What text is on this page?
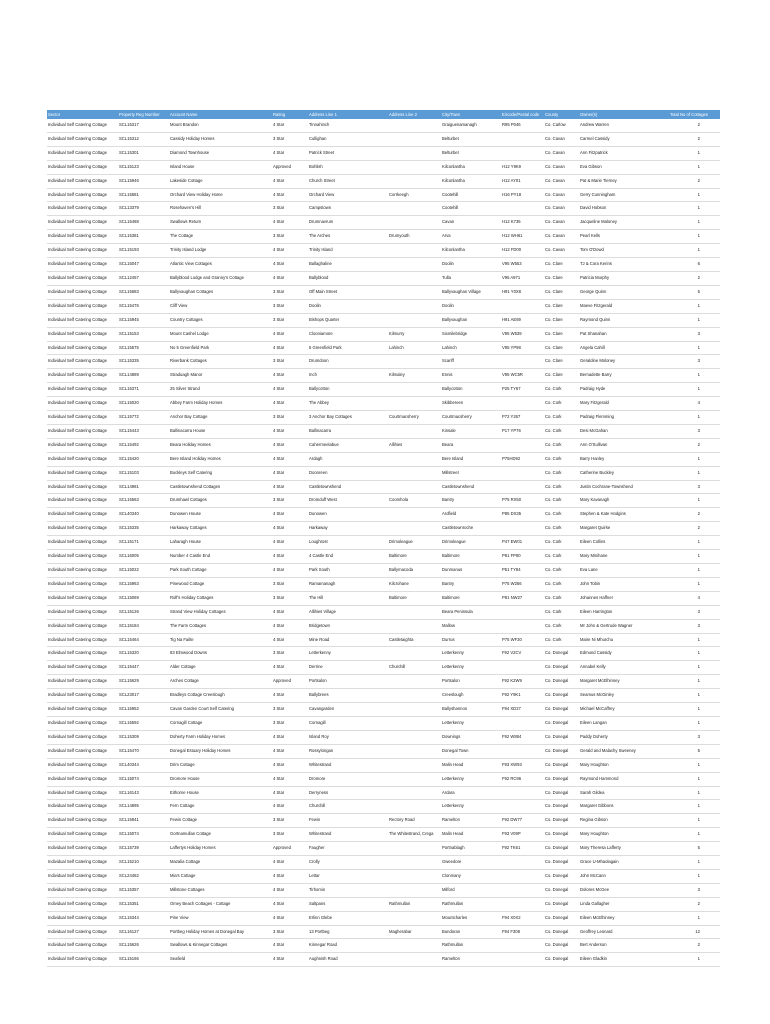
Sector	Property Reg Number	Account Name	Rating	Address Line 1	Address Line 2	City/Town	Eircode/Postal code	County	Owner(s)	Total No of Cottages
Individual Self Catering Cottage	SCL15317	Mount Brandon	4 Star	Tinnahinch		Graiguenamanagh	R95 P046	Co. Carlow	Andrew Warren	2
Individual Self Catering Cottage	SCL15312	Cassidy Holiday Homes	3 Star	Cullighan		Belturbet		Co. Cavan	Carmel Cassidy	2
Individual Self Catering Cottage	SCL15301	Diamond Townhouse	4 Star	Patrick Street		Belturbet		Co. Cavan	Ann Fitzpatrick	1
Individual Self Catering Cottage	SCL15123	Island House	Approved	Bohlish		Kilconlantha	H12 Y9K9	Co. Cavan	Eva Gibson	1
Individual Self Catering Cottage	SCL15946	Lakeside Cottage	4 Star	Church Street		Kilconlantha	H12 AY01	Co. Cavan	Pat & Marie Tierney	2
Individual Self Catering Cottage	SCL15681	Orchard View Holiday Home	4 Star	Orchard View	Corrkeegh	Cootehill	H16 PY18	Co. Cavan	Gerry Cunningham	1
Individual Self Catering Cottage	SCL13379	Rosehaven's Hill	3 Star	Campstown		Cootehill		Co. Cavan	David Hobson	1
Individual Self Catering Cottage	SCL15488	Swallows Return	4 Star	Drumnavrum		Cavan	H12 K735	Co. Cavan	Jacqueline Maloney	1
Individual Self Catering Cottage	SCL15381	The Cottage	3 Star	The Arches	Drumyouth	Arva	H12 WH61	Co. Cavan	Pearl Kells	1
Individual Self Catering Cottage	SCL15193	Trinity Island Lodge	4 Star	Trinity Island		Kilconlantha	H12 FD00	Co. Cavan	Tom O'Dowd	1
Individual Self Catering Cottage	SCL15047	Atlantic View Cottages	4 Star	Ballaghaline		Doolin	V95 W553	Co. Clare	TJ & Cora Kerins	6
Individual Self Catering Cottage	SCL12457	Ballyblood Lodge and Granny's Cottage	4 Star	Ballyblood		Tulla	V95 A971	Co. Clare	Patricia Murphy	2
Individual Self Catering Cottage	SCL15683	Ballyvaughan Cottages	3 Star	Off Main Street		Ballyvaughan Village	H91 Y0X8	Co. Clare	George Quinn	5
Individual Self Catering Cottage	SCL15476	Cliff View	3 Star	Doolin		Doolin		Co. Clare	Maeve Fitzgerald	1
Individual Self Catering Cottage	SCL15945	Country Cottages	3 Star	Bishops Quarter		Ballyvaughan	H91 AE69	Co. Clare	Raymond Quinn	1
Individual Self Catering Cottage	SCL15153	Mount Cashel Lodge	4 Star	Clooniamore	Kilmurry	Sixmilebridge	V95 W539	Co. Clare	Pat Shanahan	3
Individual Self Catering Cottage	SCL15575	No 5 Greenfield Park	4 Star	5 Greenfield Park	Lahinch	Lahinch	V95 YP98	Co. Clare	Angela Cahill	1
Individual Self Catering Cottage	SCL15335	Riverbank Cottages	3 Star	Drumdoon		Scariff		Co. Clare	Geraldine Moloney	3
Individual Self Catering Cottage	SCL14889	Straduagh Manor	4 Star	Inch	Kilmaley	Ennis	V95 WC5R	Co. Clare	Bernadette Barry	1
Individual Self Catering Cottage	SCL15371	25 Silver Strand	4 Star	Ballycotton		Ballycotton	P25 TY67	Co. Cork	Padraig Hyde	1
Individual Self Catering Cottage	SCL15020	Abbey Farm Holiday Homes	4 Star	The Abbey		Skibbereen		Co. Cork	Mary Fitzgerald	4
Individual Self Catering Cottage	SCL15772	Anchor Bay Cottage	3 Star	3 Anchor Bay Cottages	Courtmacsherry	Courtmacsherry	P72 Y267	Co. Cork	Padraig Flemming	1
Individual Self Catering Cottage	SCL15443	Ballinacarra House	4 Star	Ballinacarra		Kinsale	P17 YP76	Co. Cork	Desi McGahan	3
Individual Self Catering Cottage	SCL15492	Beara Holiday Homes	4 Star	Cahermeelabue	Allihies	Beara		Co. Cork	Ann O'Sullivan	2
Individual Self Catering Cottage	SCL15420	Bere Island Holiday Homes	4 Star	Ardagh		Bere Island	P75HD92	Co. Cork	Barry Hanley	1
Individual Self Catering Cottage	SCL15103	Buckleys Self Catering	4 Star	Doonreen		Millstreet		Co. Cork	Catherine Buckley	1
Individual Self Catering Cottage	SCL14981	Castletownshend Cottages	4 Star	Castletownshend		Castletownshend		Co. Cork	Justin Cochrane-Townshend	3
Individual Self Catering Cottage	SCL15563	Drumhawl Cottages	3 Star	Dromduff West	Coomhola	Bantry	P75 RX50	Co. Cork	Mary Kavanagh	1
Individual Self Catering Cottage	SCL40340	Dunowen House	4 Star	Dunowen		Ardfield	P85 DX35	Co. Cork	Stephen & Kate Hodgins	2
Individual Self Catering Cottage	SCL15335	Harkaway Cottages	4 Star	Harkaway		Castletownroche		Co. Cork	Margaret Quirke	2
Individual Self Catering Cottage	SCL15171	Laharagh House	4 Star	Loughrost	Drimoleague	Drimoleague	P47 EW01	Co. Cork	Eileen Collins	1
Individual Self Catering Cottage	SCL16005	Number 4 Castle End	4 Star	4 Castle End	Baltimore	Baltimore	P81 FP80	Co. Cork	Mary Minihane	1
Individual Self Catering Cottage	SCL15022	Park South Cottage	4 Star	Park South	Ballymacoda	Dunmanus	P51 TY84	Co. Cork	Eva Lane	1
Individual Self Catering Cottage	SCL15963	Pinewood Cottage	3 Star	Ramamanagh	Kilcrohane	Bantry	P75 W266	Co. Cork	John Tobin	1
Individual Self Catering Cottage	SCL15069	Rolf's Holiday Cottages	3 Star	The Hill	Baltimore	Baltimore	P81 NW27	Co. Cork	Johannes Haffner	4
Individual Self Catering Cottage	SCL15126	Strand View Holiday Cottages	4 Star	Allihies Village		Beara Peninsula		Co. Cork	Eileen Harrington	3
Individual Self Catering Cottage	SCL15184	The Farm Cottages	4 Star	Bridgetown		Mallow		Co. Cork	Mr John & Gertrude Wagner	3
Individual Self Catering Cottage	SCL15464	Tig Na Failte	4 Star	Mine Road	Castletaighta	Durrus	P75 WF30	Co. Cork	Maire Ni Mhurchu	1
Individual Self Catering Cottage	SCL15320	83 Elmwood Downs	3 Star	Letterkenny		Letterkenny	F92 V2CV	Co. Donegal	Edmund Cassidy	1
Individual Self Catering Cottage	SCL15447	Alder Cottage	4 Star	Derrine	Churchill	Letterkenny		Co. Donegal	Annabel Kelly	1
Individual Self Catering Cottage	SCL15629	Arches Cottage	Approved	Portsalon		Portsalon	F92 K2W9	Co. Donegal	Margaret McElhinney	1
Individual Self Catering Cottage	SCL23017	Bradleys Cottage Creeslough	4 Star	Ballybrees		Creeslough	F92 Y9K1	Co. Donegal	Seamus McGinley	1
Individual Self Catering Cottage	SCL15952	Cavan Garden Court Self Catering	3 Star	Cavangarden		Ballyshannon	F94 XD27	Co. Donegal	Michael McCaffrey	1
Individual Self Catering Cottage	SCL15592	Cornagill Cottage	3 Star	Cornagill		Letterkenny		Co. Donegal	Eileen Langan	1
Individual Self Catering Cottage	SCL15309	Doherty Farm Holiday Homes	4 Star	Island Roy		Downings	F92 W884	Co. Donegal	Paddy Doherty	3
Individual Self Catering Cottage	SCL15470	Donegal Estuary Holiday Homes	4 Star	Rossylongan		Donegal Town		Co. Donegal	Gerald and Malachy Sweeney	5
Individual Self Catering Cottage	SCL40344	Drim Cottage	4 Star	Whitestrand		Malin Head	F93 XW93	Co. Donegal	Mary Houghton	1
Individual Self Catering Cottage	SCL15074	Dromore House	4 Star	Dromore		Letterkenny	F92 RC96	Co. Donegal	Raymond Hammond	1
Individual Self Catering Cottage	SCL16143	Eithorne House	4 Star	Derryness		Ardara		Co. Donegal	Sarah Gildea	1
Individual Self Catering Cottage	SCL14895	Fern Cottage	4 Star	Churchill		Letterkenny		Co. Donegal	Margaret Gibbons	1
Individual Self Catering Cottage	SCL15841	Fewin Cottage	3 Star	Fewin	Rectory Road	Ramelton	F92 DW77	Co. Donegal	Regina Gibson	1
Individual Self Catering Cottage	SCL15074	Gortnamullan Cottage	3 Star	Whitestrand	The Whitestrand, Crega	Malin Head	F93 V09P	Co. Donegal	Mary Houghton	1
Individual Self Catering Cottage	SCL15739	Laffertys Holiday Homes	Approved	Faugher		Portnablagh	F92 TK61	Co. Donegal	Mary Theresa Lafferty	5
Individual Self Catering Cottage	SCL15210	Mazalia Cottage	4 Star	Crolly		Gweedore		Co. Donegal	Grace U-Mhaolagain	1
Individual Self Catering Cottage	SCL24482	Mia's Cottage	4 Star	Lettar		Clonmany		Co. Donegal	John McCann	1
Individual Self Catering Cottage	SCL15357	Millstone Cottages	4 Star	Tirhomin		Milford		Co. Donegal	Dolores McGee	3
Individual Self Catering Cottage	SCL15351	Omey Beach Cottages - Cottage	4 Star	Saltpans	Rathmullan	Rathmullan		Co. Donegal	Linda Gallagher	2
Individual Self Catering Cottage	SCL15344	Pine View	4 Star	Erlinn Glebe		Mountcharles	F94 X0X2	Co. Donegal	Eileen McElhinney	1
Individual Self Catering Cottage	SCL16127	Portbeg Holiday Homes at Donegal Bay	3 Star	13 Portbeg	Magherabar	Bundoran	F94 F308	Co. Donegal	Geoffrey Leonard	12
Individual Self Catering Cottage	SCL15626	Swallows & Kinnegar Cottages	4 Star	Kinnegar Road		Rathmullan		Co. Donegal	Bert Anderson	2
Individual Self Catering Cottage	SCL15166	Seafield	4 Star	Aughnish Road		Ramelton		Co. Donegal	Eileen Gladkin	1
